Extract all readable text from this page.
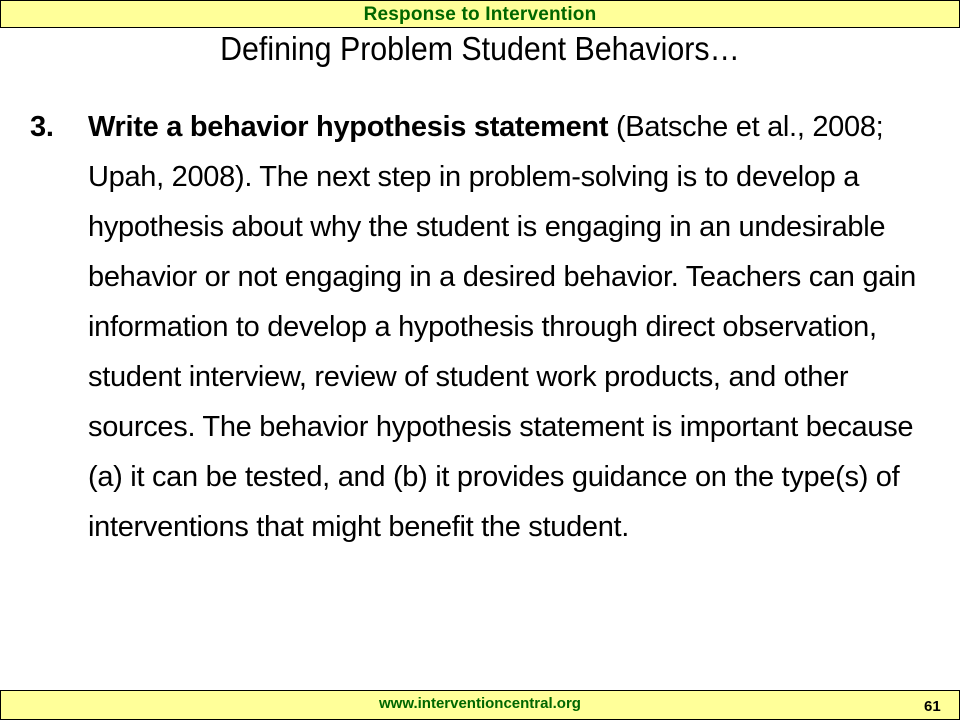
Response to Intervention
Defining Problem Student Behaviors…
3. Write a behavior hypothesis statement (Batsche et al., 2008; Upah, 2008). The next step in problem-solving is to develop a hypothesis about why the student is engaging in an undesirable behavior or not engaging in a desired behavior. Teachers can gain information to develop a hypothesis through direct observation, student interview, review of student work products, and other sources. The behavior hypothesis statement is important because (a) it can be tested, and (b) it provides guidance on the type(s) of interventions that might benefit the student.
www.interventioncentral.org	61
